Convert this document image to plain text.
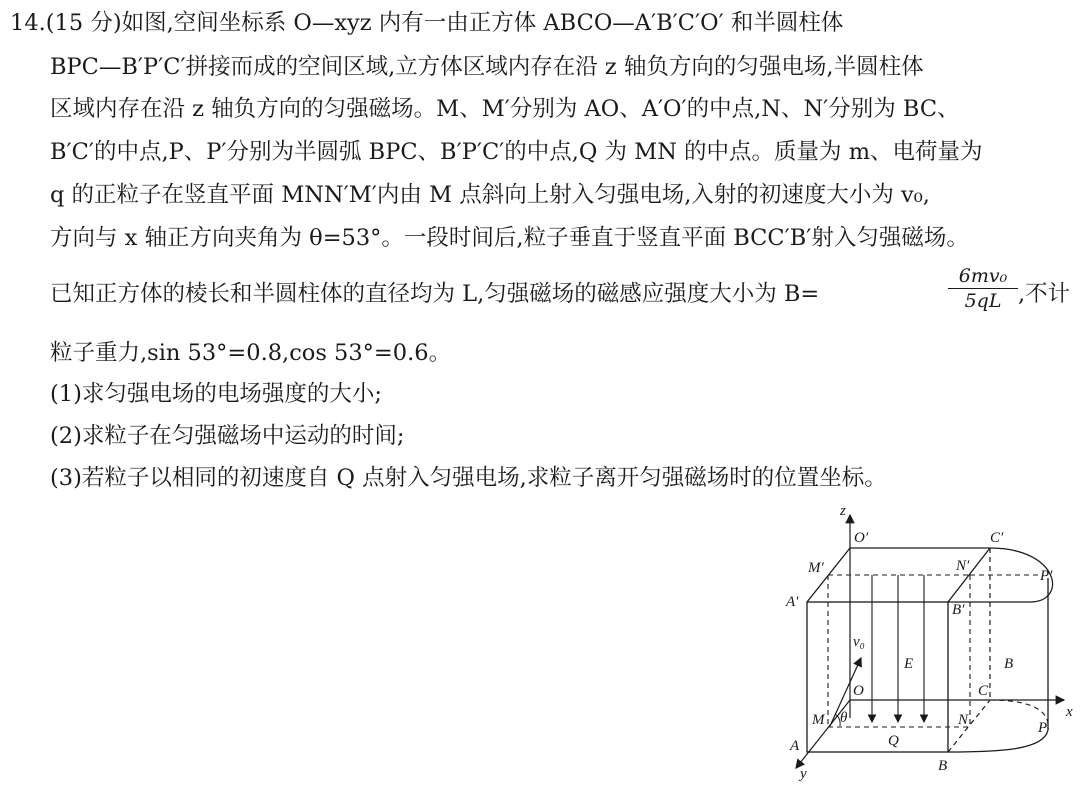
14.(15 分)如图,空间坐标系 O—xyz 内有一由正方体 ABCO—A′B′C′O′ 和半圆柱体
BPC—B′P′C′拼接而成的空间区域,立方体区域内存在沿 z 轴负方向的匀强电场,半圆柱体
区域内存在沿 z 轴负方向的匀强磁场。M、M′分别为 AO、A′O′的中点,N、N′分别为 BC、
B′C′的中点,P、P′分别为半圆弧 BPC、B′P′C′的中点,Q 为 MN 的中点。质量为 m、电荷量为
q 的正粒子在竖直平面 MNN′M′内由 M 点斜向上射入匀强电场,入射的初速度大小为 v₀,
方向与 x 轴正方向夹角为 θ=53°。一段时间后,粒子垂直于竖直平面 BCC′B′射入匀强磁场。
已知正方体的棱长和半圆柱体的直径均为 L,匀强磁场的磁感应强度大小为 B=
6mv₀
5qL ,不计
粒子重力,sin 53°=0.8,cos 53°=0.6。
(1)求匀强电场的电场强度的大小;
(2)求粒子在匀强磁场中运动的时间;
(3)若粒子以相同的初速度自 Q 点射入匀强电场,求粒子离开匀强磁场时的位置坐标。
z
x
y
O′	C′
M′	N′
P′
A′	B′
v₀
E	B
O	C
M θ	N	P
Q
A
B
